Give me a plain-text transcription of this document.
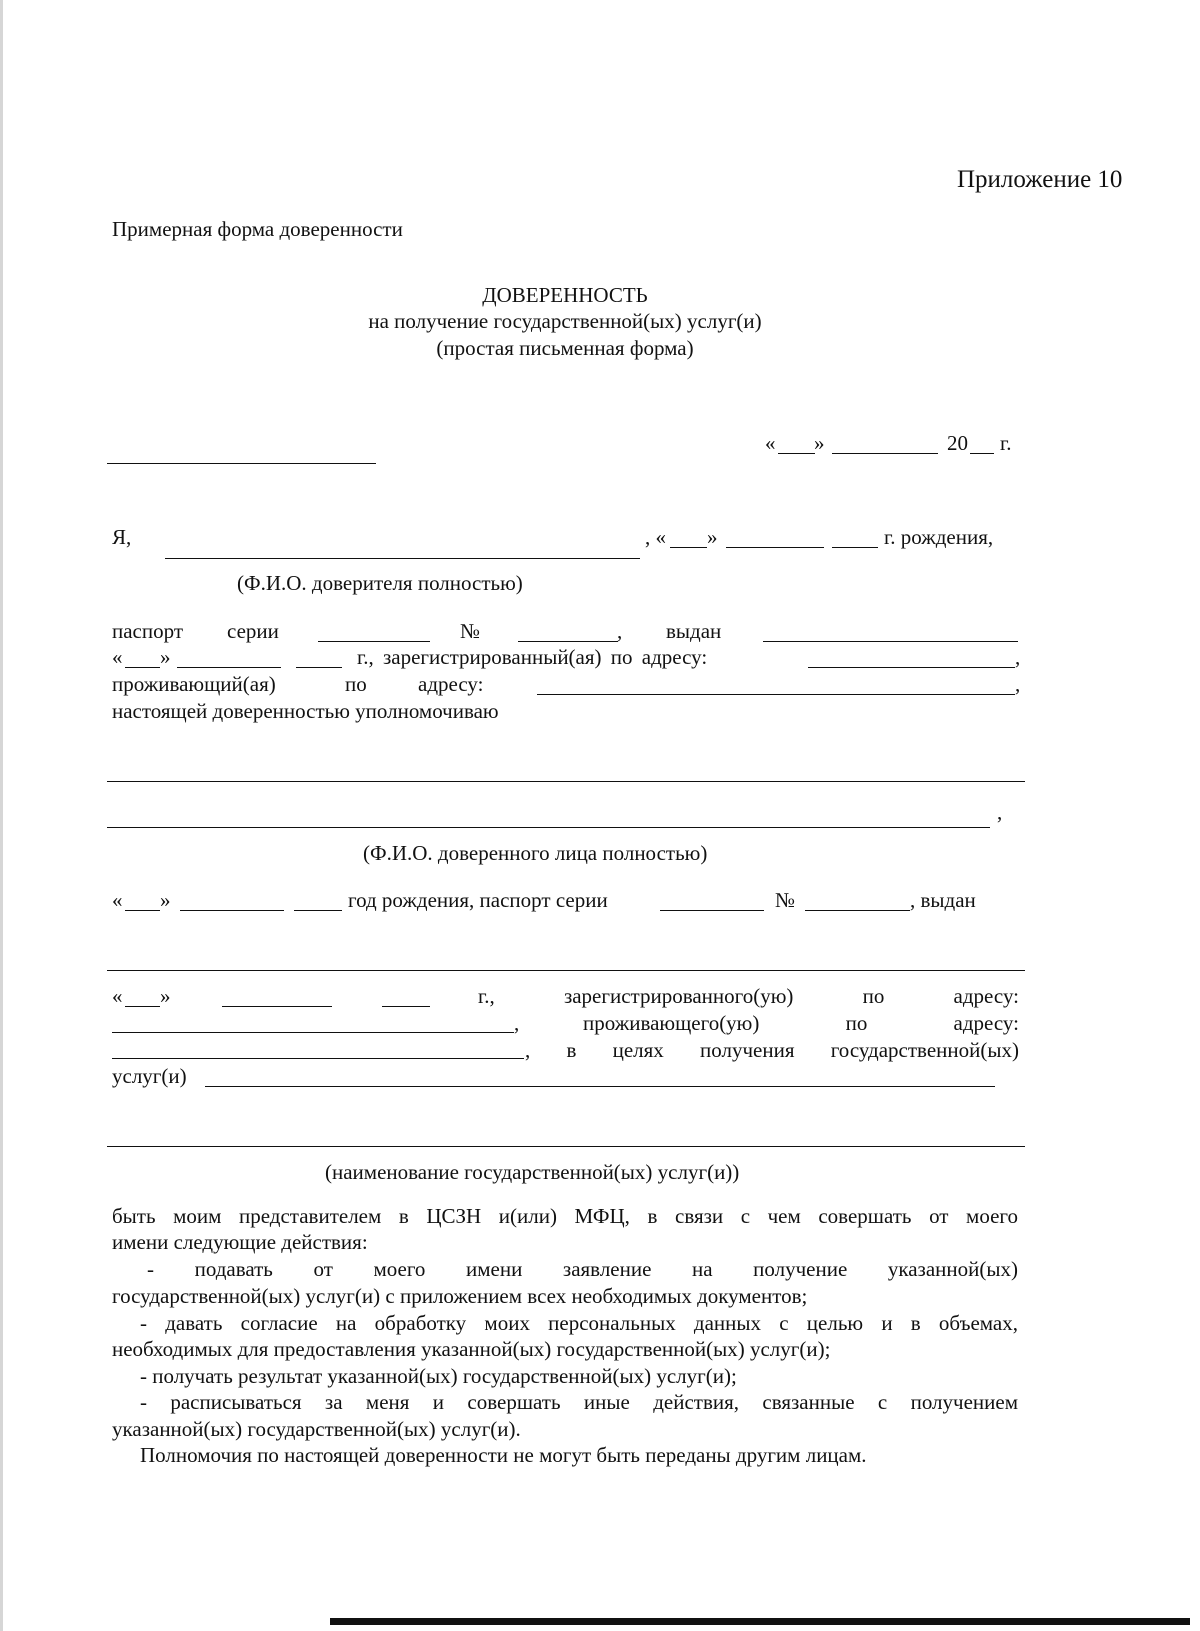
Приложение 10
Примерная форма доверенности
ДОВЕРЕННОСТЬ
на получение государственной(ых) услуг(и)
(простая письменная форма)
« »	20 г.
Я,	, « »	г. рождения,
(Ф.И.О. доверителя полностью)
паспорт серии	№	, выдан
« »	г., зарегистрированный(ая) по адресу:	,
проживающий(ая)	по адресу:	,
настоящей доверенностью уполномочиваю
,
(Ф.И.О. доверенного лица полностью)
« »	год рождения, паспорт серии	№	, выдан
« »	г.,	зарегистрированного(ую)	по	адресу:
,	проживающего(ую)	по	адресу:
, в целях получения государственной(ых)
услуг(и)
(наименование государственной(ых) услуг(и))
быть моим представителем в ЦСЗН и(или) МФЦ, в связи с чем совершать от моего
имени следующие действия:
- подавать от моего имени заявление на получение указанной(ых)
государственной(ых) услуг(и) с приложением всех необходимых документов;
- давать согласие на обработку моих персональных данных с целью и в объемах,
необходимых для предоставления указанной(ых) государственной(ых) услуг(и);
- получать результат указанной(ых) государственной(ых) услуг(и);
- расписываться за меня и совершать иные действия, связанные с получением
указанной(ых) государственной(ых) услуг(и).
Полномочия по настоящей доверенности не могут быть переданы другим лицам.
